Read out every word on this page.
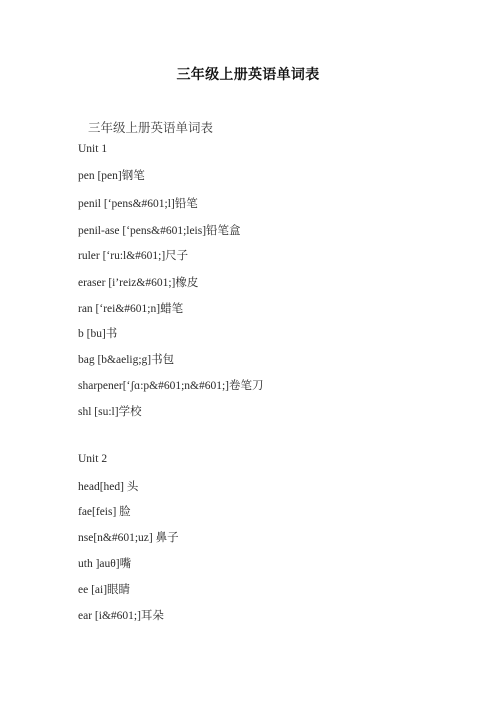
三年级上册英语单词表
三年级上册英语单词表
Unit 1
pen [pen]钢笔
penil [‘pens&#601;l]铅笔
penil-ase [‘pens&#601;leis]铅笔盒
ruler [‘ru:l&#601;]尺子
eraser [i’reiz&#601;]橡皮
ran [‘rei&#601;n]蜡笔
b [bu]书
bag [b&aelig;g]书包
sharpener[‘ʃɑ:p&#601;n&#601;]卷笔刀
shl [su:l]学校
Unit 2
head[hed] 头
fae[feis] 脸
nse[n&#601;uz] 鼻子
uth ]auθ]嘴
ee [ai]眼睛
ear [i&#601;]耳朵
